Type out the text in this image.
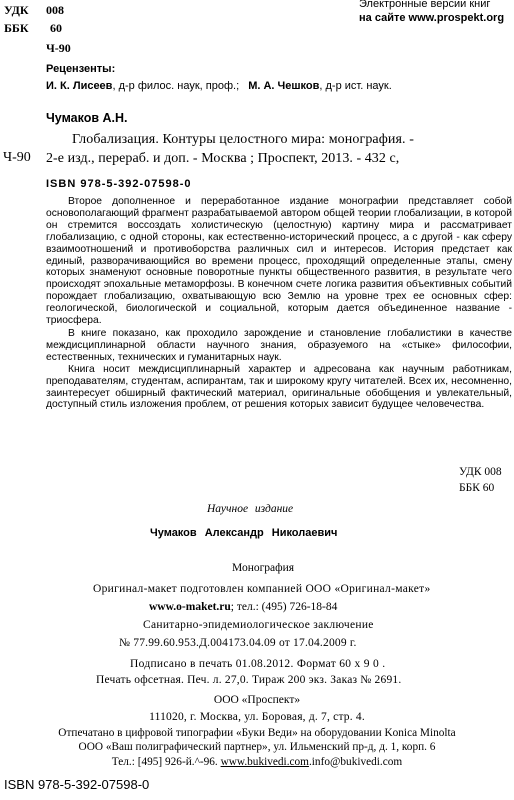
УДК 008
ББК 60
Ч-90
Электронные версии книг
на сайте www.prospekt.org
Рецензенты:
И. К. Лисеев, д-р филос. наук, проф.; М. А. Чешков, д-р ист. наук.
Чумаков А.Н.
Ч-90
Глобализация. Контуры целостного мира: монография. -
2-е изд., перераб. и доп. - Москва ; Проспект, 2013. - 432 с,
ISBN 978-5-392-07598-0

Второе дополненное и переработанное издание монографии представляет собой основополагающий фрагмент разрабатываемой автором общей теории глобализации, в которой он стремится воссоздать холистическую (целостную) картину мира и рассматривает глобализацию, с одной стороны, как естественно-исторический процесс, а с другой - как сферу взаимоотношений и противоборства различных сил и интересов. История предстает как единый, разворачивающийся во времени процесс, проходящий определенные этапы, смену которых знаменуют основные поворотные пункты общественного развития, в результате чего происходят эпохальные метаморфозы. В конечном счете логика развития объективных событий порождает глобализацию, охватывающую всю Землю на уровне трех ее основных сфер: геологической, биологической и социальной, которым дается объединенное название - триосфера.

В книге показано, как проходило зарождение и становление глобалистики в качестве междисциплинарной области научного знания, образуемого на «стыке» философии, естественных, технических и гуманитарных наук.

Книга носит междисциплинарный характер и адресована как научным работникам, преподавателям, студентам, аспирантам, так и широкому кругу читателей. Всех их, несомненно, заинтересует обширный фактический материал, оригинальные обобщения и увлекательный, доступный стиль изложения проблем, от решения которых зависит будущее человечества.

УДК 008
ББК 60
Научное издание
Чумаков Александр Николаевич
Монография
Оригинал-макет подготовлен компанией ООО «Оригинал-макет»
www.o-maket.ru; тел.: (495) 726-18-84
Санитарно-эпидемиологическое заключение
№ 77.99.60.953.Д.004173.04.09 от 17.04.2009 г.
Подписано в печать 01.08.2012. Формат 60 x 9 0 .
Печать офсетная. Печ. л. 27,0. Тираж 200 экз. Заказ № 2691.
ООО «Проспект»
111020, г. Москва, ул. Боровая, д. 7, стр. 4.
Отпечатано в цифровой типографии «Буки Веди» на оборудовании Konica Minolta
ООО «Ваш полиграфический партнер», ул. Ильменский пр-д, д. 1, корп. 6
Тел.: [495] 926-й.^-96. www.bukivedi.com.info@bukivedi.com
ISBN 978-5-392-07598-0
